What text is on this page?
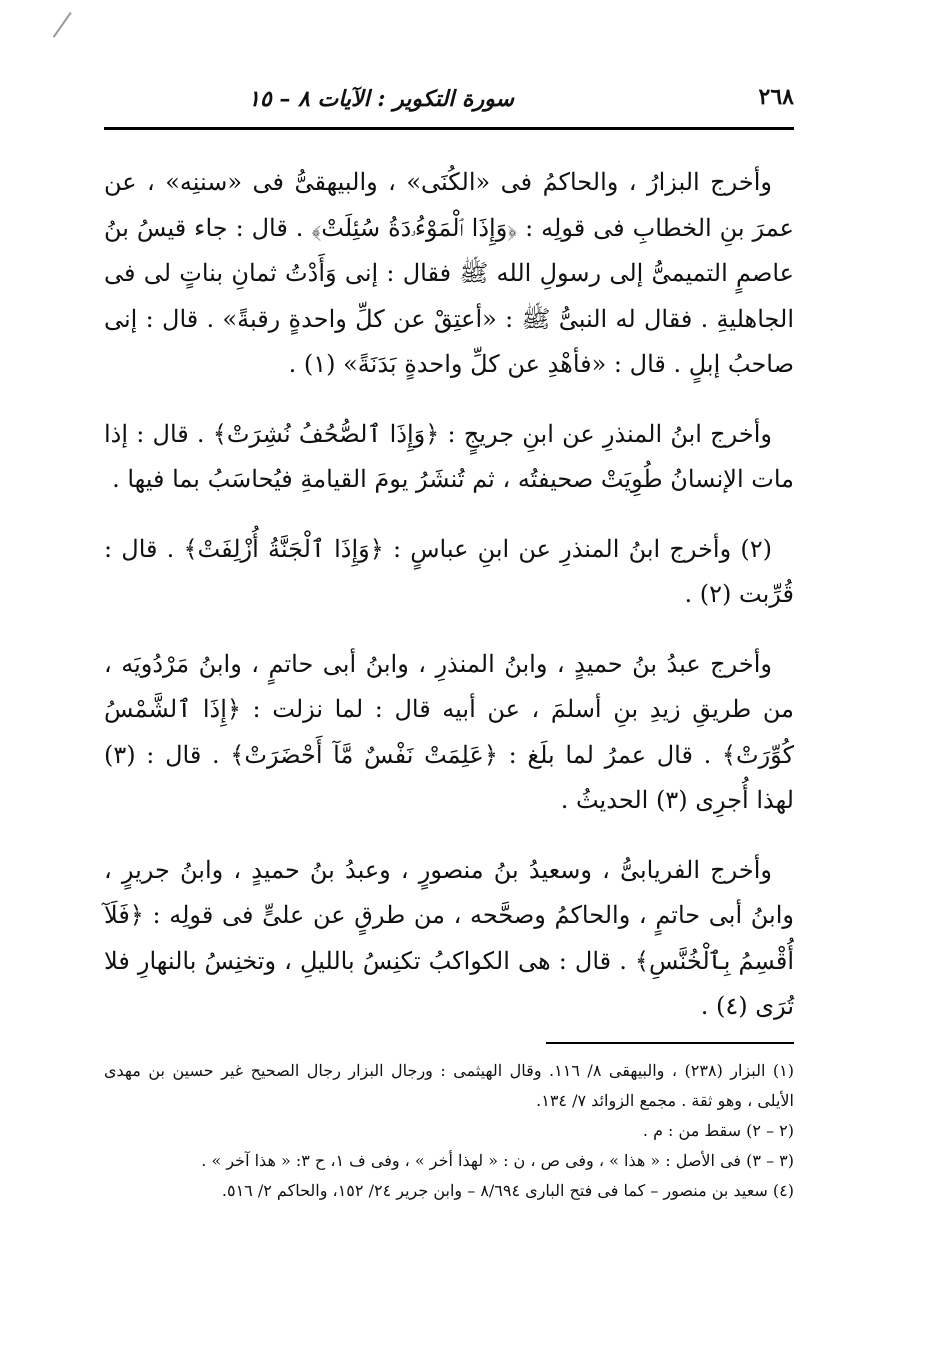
٢٦٨
سورة التكوير : الآيات ٨ – ١٥

وأخرج البزارُ ، والحاكمُ فى «الكُنَى» ، والبيهقىُّ فى «سننِه» ، عن عمرَ بنِ الخطابِ فى قولِه : ﴿وَإِذَا ٱلْمَوْءُۥدَةُ سُئِلَتْ﴾ . قال : جاء قيسُ بنُ عاصمٍ التميمىُّ إلى رسولِ الله ﷺ فقال : إنى وَأَدْتُ ثمانِ بناتٍ لى فى الجاهليةِ . فقال له النبىُّ ﷺ : «أعتِقْ عن كلِّ واحدةٍ رقبةً» . قال : إنى صاحبُ إبلٍ . قال : «فأهْدِ عن كلِّ واحدةٍ بَدَنَةً» (١) .

وأخرج ابنُ المنذرِ عن ابنِ جريجٍ : ﴿وَإِذَا ٱلصُّحُفُ نُشِرَتْ﴾ . قال : إذا مات الإنسانُ طُوِيَتْ صحيفتُه ، ثم تُنشَرُ يومَ القيامةِ فيُحاسَبُ بما فيها .

(٢) وأخرج ابنُ المنذرِ عن ابنِ عباسٍ : ﴿وَإِذَا ٱلْجَنَّةُ أُزْلِفَتْ﴾ . قال : قُرِّبت (٢) .

وأخرج عبدُ بنُ حميدٍ ، وابنُ المنذرِ ، وابنُ أبى حاتمٍ ، وابنُ مَرْدُويَه ، من طريقِ زيدِ بنِ أسلمَ ، عن أبيه قال : لما نزلت : ﴿إِذَا ٱلشَّمْسُ كُوِّرَتْ﴾ . قال عمرُ لما بلَغ : ﴿عَلِمَتْ نَفْسٌ مَّآ أَحْضَرَتْ﴾ . قال : (٣) لهذا أُجرِى (٣) الحديثُ .

وأخرج الفريابىُّ ، وسعيدُ بنُ منصورٍ ، وعبدُ بنُ حميدٍ ، وابنُ جريرٍ ، وابنُ أبى حاتمٍ ، والحاكمُ وصحَّحه ، من طرقٍ عن علىٍّ فى قولِه : ﴿فَلَآ أُقْسِمُ بِٱلْخُنَّسِ﴾ . قال : هى الكواكبُ تكنِسُ بالليلِ ، وتخنِسُ بالنهارِ فلا تُرَى (٤) .

(١) البزار (٢٣٨) ، والبيهقى ٨/ ١١٦. وقال الهيثمى : ورجال البزار رجال الصحيح غير حسين بن مهدى الأيلى ، وهو ثقة . مجمع الزوائد ٧/ ١٣٤.

(٢ – ٢) سقط من : م .

(٣ – ٣) فى الأصل : « هذا » ، وفى ص ، ن : « لهذا أخر » ، وفى ف ١، ح ٣: « هذا آخر » .

(٤) سعيد بن منصور – كما فى فتح البارى ٨/٦٩٤ – وابن جرير ٢٤/ ١٥٢، والحاكم ٢/ ٥١٦.
